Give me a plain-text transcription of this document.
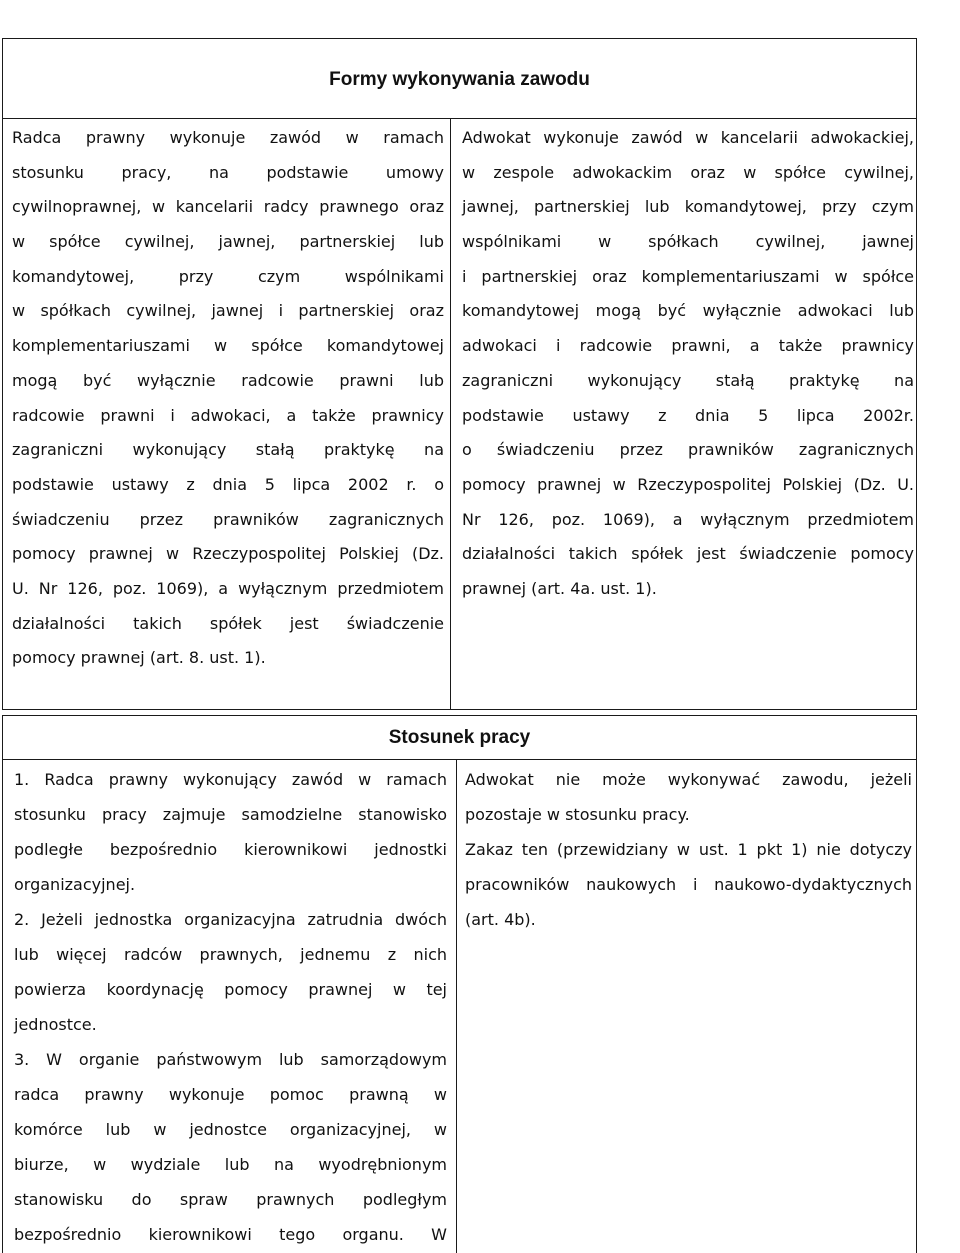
Formy wykonywania zawodu
Radca prawny wykonuje zawód w ramach
stosunku pracy, na podstawie umowy
cywilnoprawnej, w kancelarii radcy prawnego oraz
w spółce cywilnej, jawnej, partnerskiej lub
komandytowej, przy czym wspólnikami
w spółkach cywilnej, jawnej i partnerskiej oraz
komplementariuszami w spółce komandytowej
mogą być wyłącznie radcowie prawni lub
radcowie prawni i adwokaci, a także prawnicy
zagraniczni wykonujący stałą praktykę na
podstawie ustawy z dnia 5 lipca 2002 r. o
świadczeniu przez prawników zagranicznych
pomocy prawnej w Rzeczypospolitej Polskiej (Dz.
U. Nr 126, poz. 1069), a wyłącznym przedmiotem
działalności takich spółek jest świadczenie
pomocy prawnej (art. 8. ust. 1).
Adwokat wykonuje zawód w kancelarii adwokackiej,
w zespole adwokackim oraz w spółce cywilnej,
jawnej, partnerskiej lub komandytowej, przy czym
wspólnikami w spółkach cywilnej, jawnej
i partnerskiej oraz komplementariuszami w spółce
komandytowej mogą być wyłącznie adwokaci lub
adwokaci i radcowie prawni, a także prawnicy
zagraniczni wykonujący stałą praktykę na
podstawie ustawy z dnia 5 lipca 2002r.
o świadczeniu przez prawników zagranicznych
pomocy prawnej w Rzeczypospolitej Polskiej (Dz. U.
Nr 126, poz. 1069), a wyłącznym przedmiotem
działalności takich spółek jest świadczenie pomocy
prawnej (art. 4a. ust. 1).
Stosunek pracy
1. Radca prawny wykonujący zawód w ramach
stosunku pracy zajmuje samodzielne stanowisko
podległe bezpośrednio kierownikowi jednostki
organizacyjnej.
2. Jeżeli jednostka organizacyjna zatrudnia dwóch
lub więcej radców prawnych, jednemu z nich
powierza koordynację pomocy prawnej w tej
jednostce.
3. W organie państwowym lub samorządowym
radca prawny wykonuje pomoc prawną w
komórce lub w jednostce organizacyjnej, w
biurze, w wydziale lub na wyodrębnionym
stanowisku do spraw prawnych podległym
bezpośrednio kierownikowi tego organu. W
Adwokat nie może wykonywać zawodu, jeżeli
pozostaje w stosunku pracy.
Zakaz ten (przewidziany w ust. 1 pkt 1) nie dotyczy
pracowników naukowych i naukowo-dydaktycznych
(art. 4b).
